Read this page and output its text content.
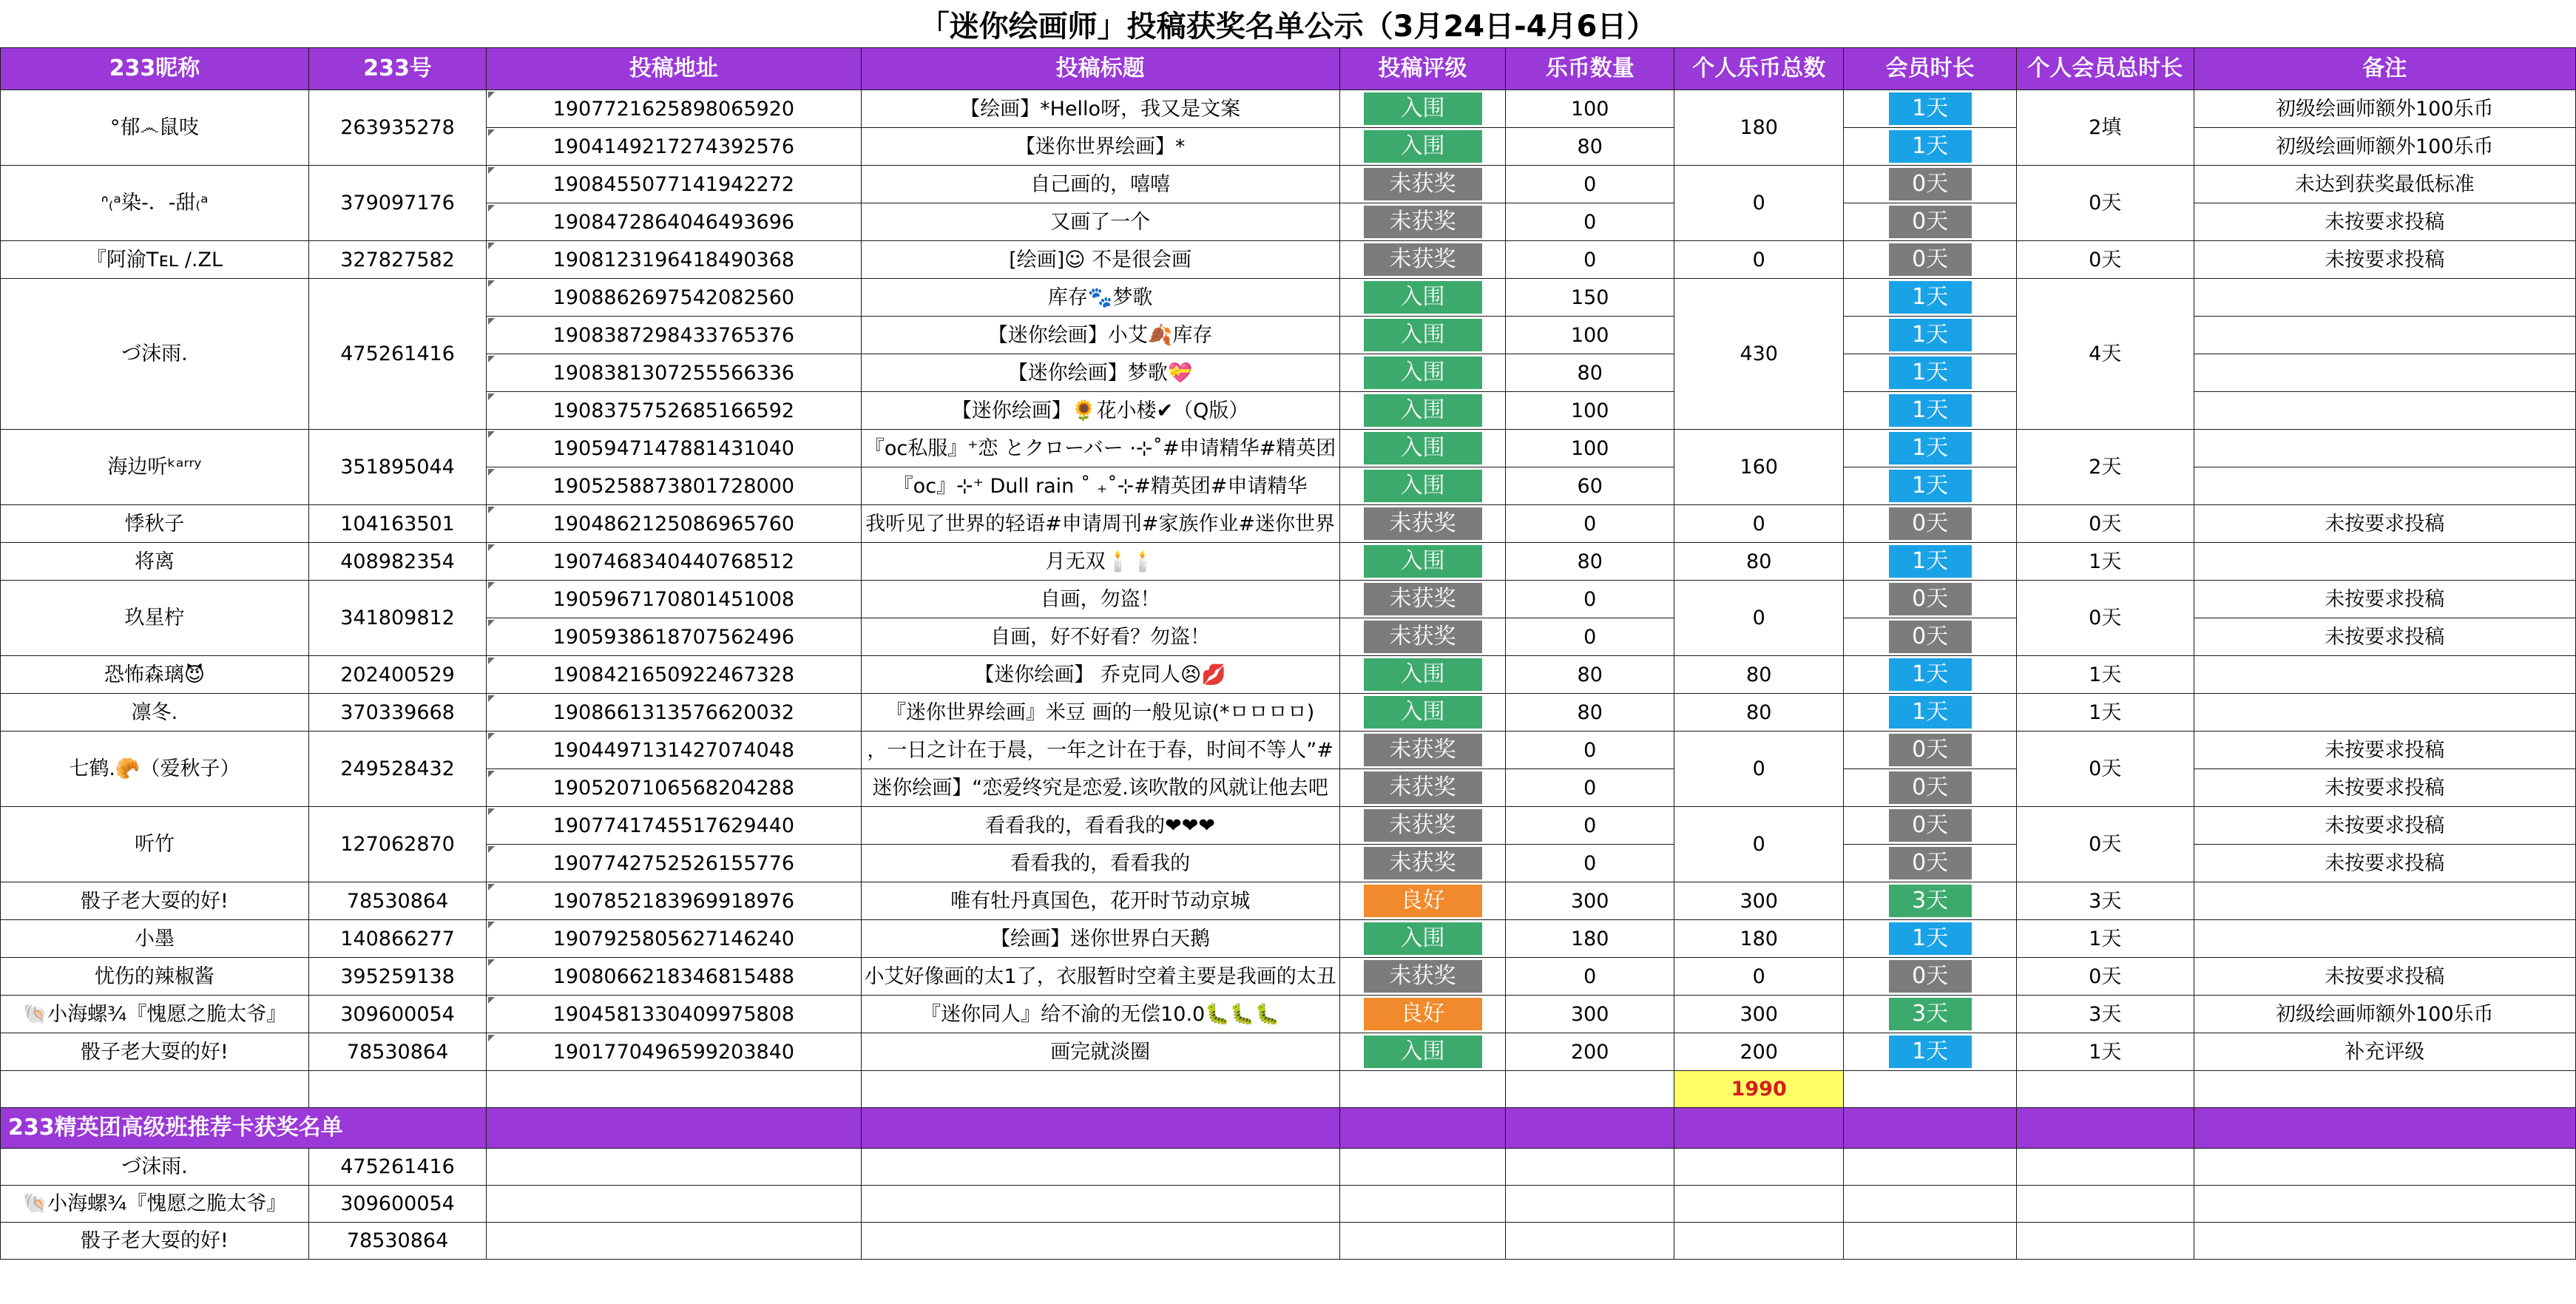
「迷你绘画师」投稿获奖名单公示（3月24日-4月6日）
233昵称	233号	投稿地址	投稿标题	投稿评级	乐币数量	个人乐币总数	会员时长	个人会员总时长	备注
°郁෴鼠吱	263935278	1907721625898065920	【绘画】*Hello呀，我又是文案	入围	100	180	1天	2填	初级绘画师额外100乐币
		1904149217274392576	【迷你世界绘画】*	入围	80		1天		初级绘画师额外100乐币
ᐢ₍ᵃ染-．-甜₍ᵃ	379097176	1908455077141942272	自己画的，嘻嘻	未获奖	0	0	0天	0天	未达到获奖最低标准
		1908472864046493696	又画了一个	未获奖	0		0天		未按要求投稿
『阿渝Tᴇʟ /.ZL	327827582	1908123196418490368	[绘画]☺ 不是很会画	未获奖	0	0	0天	0天	未按要求投稿
づ沫雨.	475261416	1908862697542082560	库存🐾梦歌	入围	150	430	1天	4天	
		1908387298433765376	【迷你绘画】小艾🍂库存	入围	100		1天		

		1908381307255566336	【迷你绘画】梦歌💝	入围	80		1天		

		1908375752685166592	【迷你绘画】🌻花小楼✔（Q版）	入围	100		1天		

海边听ᵏᵃʳʳʸ	351895044	1905947147881431040	『oc私服』⁺恋 とクローバー ·⊹˚#申请精华#精英团	入围	100	160	1天	2天	
		1905258873801728000	『oc』⊹⁺ Dull rain ˚ ₊˚⊹#精英团#申请精华	入围	60		1天		

悸秋子	104163501	1904862125086965760	我听见了世界的轻语#申请周刊#家族作业#迷你世界	未获奖	0	0	0天	0天	未按要求投稿
将离	408982354	1907468340440768512	月无双🕯️🕯️	入围	80	80	1天	1天	
玖星柠	341809812	1905967170801451008	自画，勿盗！	未获奖	0	0	0天	0天	未按要求投稿
		1905938618707562496	自画，好不好看？勿盗！	未获奖	0		0天		未按要求投稿
恐怖森璃😈	202400529	1908421650922467328	【迷你绘画】 乔克同人😣💋	入围	80	80	1天	1天	
凛冬.	370339668	1908661313576620032	『迷你世界绘画』米豆 画的一般见谅(*ㅁㅁㅁㅁ)	入围	80	80	1天	1天	
七鹤.🥐（爱秋子）	249528432	1904497131427074048	，一日之计在于晨，一年之计在于春，时间不等人”#	未获奖	0	0	0天	0天	未按要求投稿
		1905207106568204288	迷你绘画】“恋爱终究是恋爱.该吹散的风就让他去吧	未获奖	0		0天		未按要求投稿
听竹	127062870	1907741745517629440	看看我的，看看我的❤❤❤	未获奖	0	0	0天	0天	未按要求投稿
		1907742752526155776	看看我的，看看我的	未获奖	0		0天		未按要求投稿
骰子老大耍的好!	78530864	1907852183969918976	唯有牡丹真国色，花开时节动京城	良好	300	300	3天	3天	
小墨	140866277	1907925805627146240	【绘画】迷你世界白天鹅	入围	180	180	1天	1天	
忧伤的辣椒酱	395259138	1908066218346815488	小艾好像画的太1了，衣服暂时空着主要是我画的太丑	未获奖	0	0	0天	0天	未按要求投稿
🐚小海螺¾『愧愿之脆太爷』	309600054	1904581330409975808	『迷你同人』给不渝的无偿10.0🐛🐛🐛	良好	300	300	3天	3天	初级绘画师额外100乐币
骰子老大耍的好!	78530864	1901770496599203840	画完就淡圈	入围	200	200	1天	1天	补充评级
						1990			
233精英团高级班推荐卡获奖名单									
づ沫雨.	475261416								
🐚小海螺¾『愧愿之脆太爷』	309600054								
骰子老大耍的好!	78530864								
